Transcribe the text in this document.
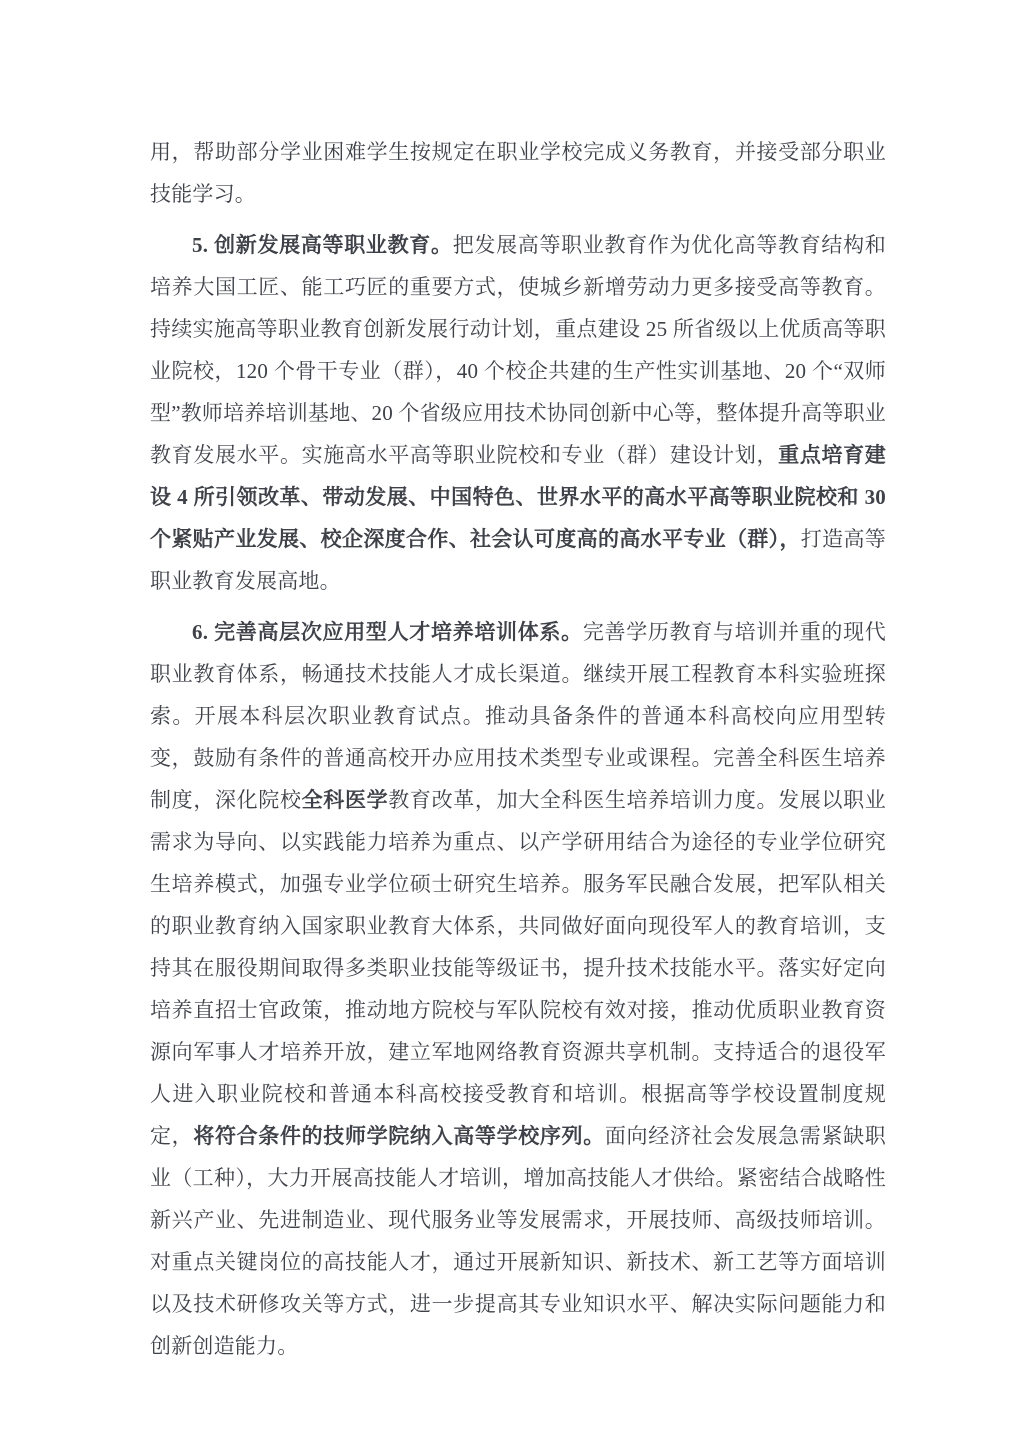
用，帮助部分学业困难学生按规定在职业学校完成义务教育，并接受部分职业技能学习。

5. 创新发展高等职业教育。把发展高等职业教育作为优化高等教育结构和培养大国工匠、能工巧匠的重要方式，使城乡新增劳动力更多接受高等教育。持续实施高等职业教育创新发展行动计划，重点建设 25 所省级以上优质高等职业院校，120 个骨干专业（群），40 个校企共建的生产性实训基地、20 个“双师型”教师培养培训基地、20 个省级应用技术协同创新中心等，整体提升高等职业教育发展水平。实施高水平高等职业院校和专业（群）建设计划，重点培育建设 4 所引领改革、带动发展、中国特色、世界水平的高水平高等职业院校和 30 个紧贴产业发展、校企深度合作、社会认可度高的高水平专业（群），打造高等职业教育发展高地。

6. 完善高层次应用型人才培养培训体系。完善学历教育与培训并重的现代职业教育体系，畅通技术技能人才成长渠道。继续开展工程教育本科实验班探索。开展本科层次职业教育试点。推动具备条件的普通本科高校向应用型转变，鼓励有条件的普通高校开办应用技术类型专业或课程。完善全科医生培养制度，深化院校全科医学教育改革，加大全科医生培养培训力度。发展以职业需求为导向、以实践能力培养为重点、以产学研用结合为途径的专业学位研究生培养模式，加强专业学位硕士研究生培养。服务军民融合发展，把军队相关的职业教育纳入国家职业教育大体系，共同做好面向现役军人的教育培训，支持其在服役期间取得多类职业技能等级证书，提升技术技能水平。落实好定向培养直招士官政策，推动地方院校与军队院校有效对接，推动优质职业教育资源向军事人才培养开放，建立军地网络教育资源共享机制。支持适合的退役军人进入职业院校和普通本科高校接受教育和培训。根据高等学校设置制度规定，将符合条件的技师学院纳入高等学校序列。面向经济社会发展急需紧缺职业（工种），大力开展高技能人才培训，增加高技能人才供给。紧密结合战略性新兴产业、先进制造业、现代服务业等发展需求，开展技师、高级技师培训。对重点关键岗位的高技能人才，通过开展新知识、新技术、新工艺等方面培训以及技术研修攻关等方式，进一步提高其专业知识水平、解决实际问题能力和创新创造能力。
